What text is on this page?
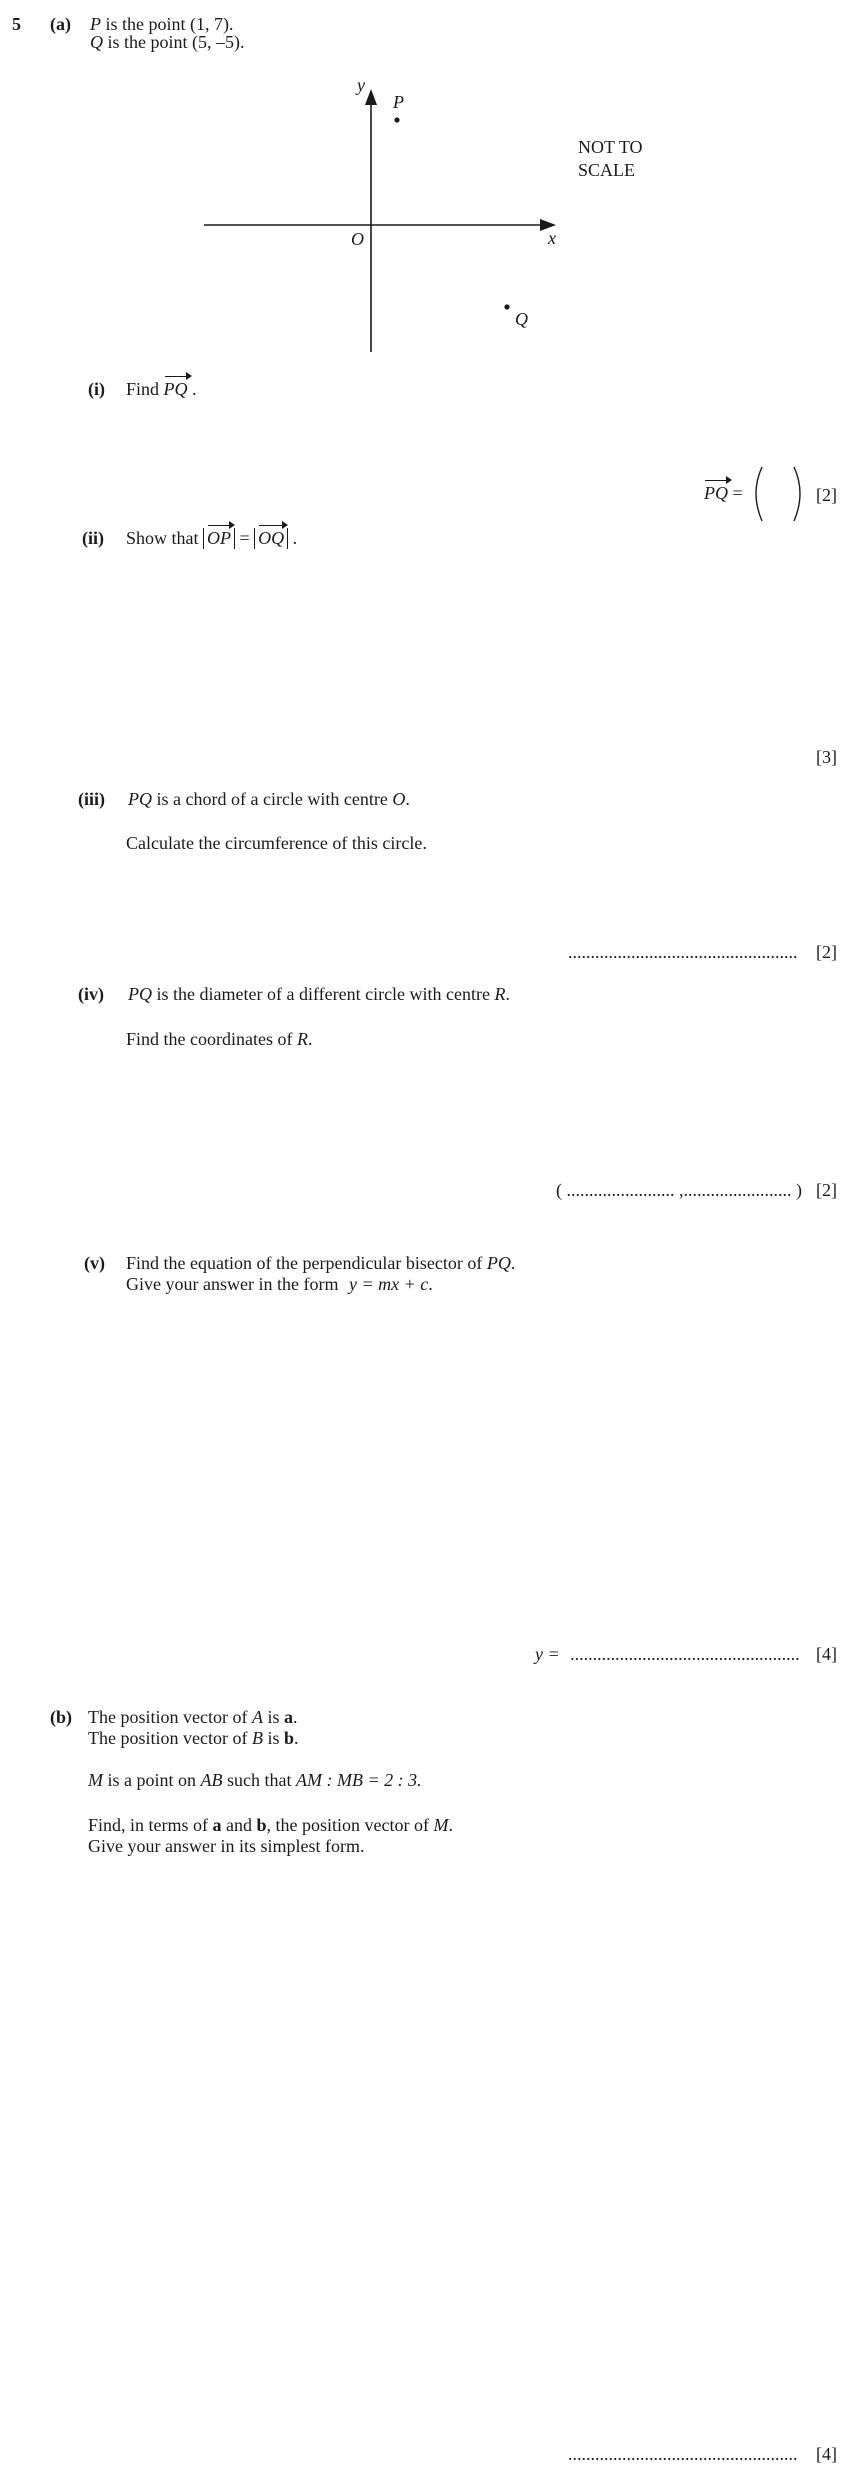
5 (a) P is the point (1, 7).
Q is the point (5, –5).
y
P
x
O
Q
NOT TO
SCALE
(i) Find PQ .
PQ =	[2]
(ii) Show that OP = OQ .
[3]
(iii) PQ is a chord of a circle with centre O.
Calculate the circumference of this circle.
................................................... [2]
(iv) PQ is the diameter of a different circle with centre R.
Find the coordinates of R.
( ........................ ,........................ ) [2]
(v) Find the equation of the perpendicular bisector of PQ.
Give your answer in the form y = mx + c.
y = ................................................... [4]
(b) The position vector of A is a.
The position vector of B is b.
M is a point on AB such that AM : MB = 2 : 3.
Find, in terms of a and b, the position vector of M.
Give your answer in its simplest form.
................................................... [4]
